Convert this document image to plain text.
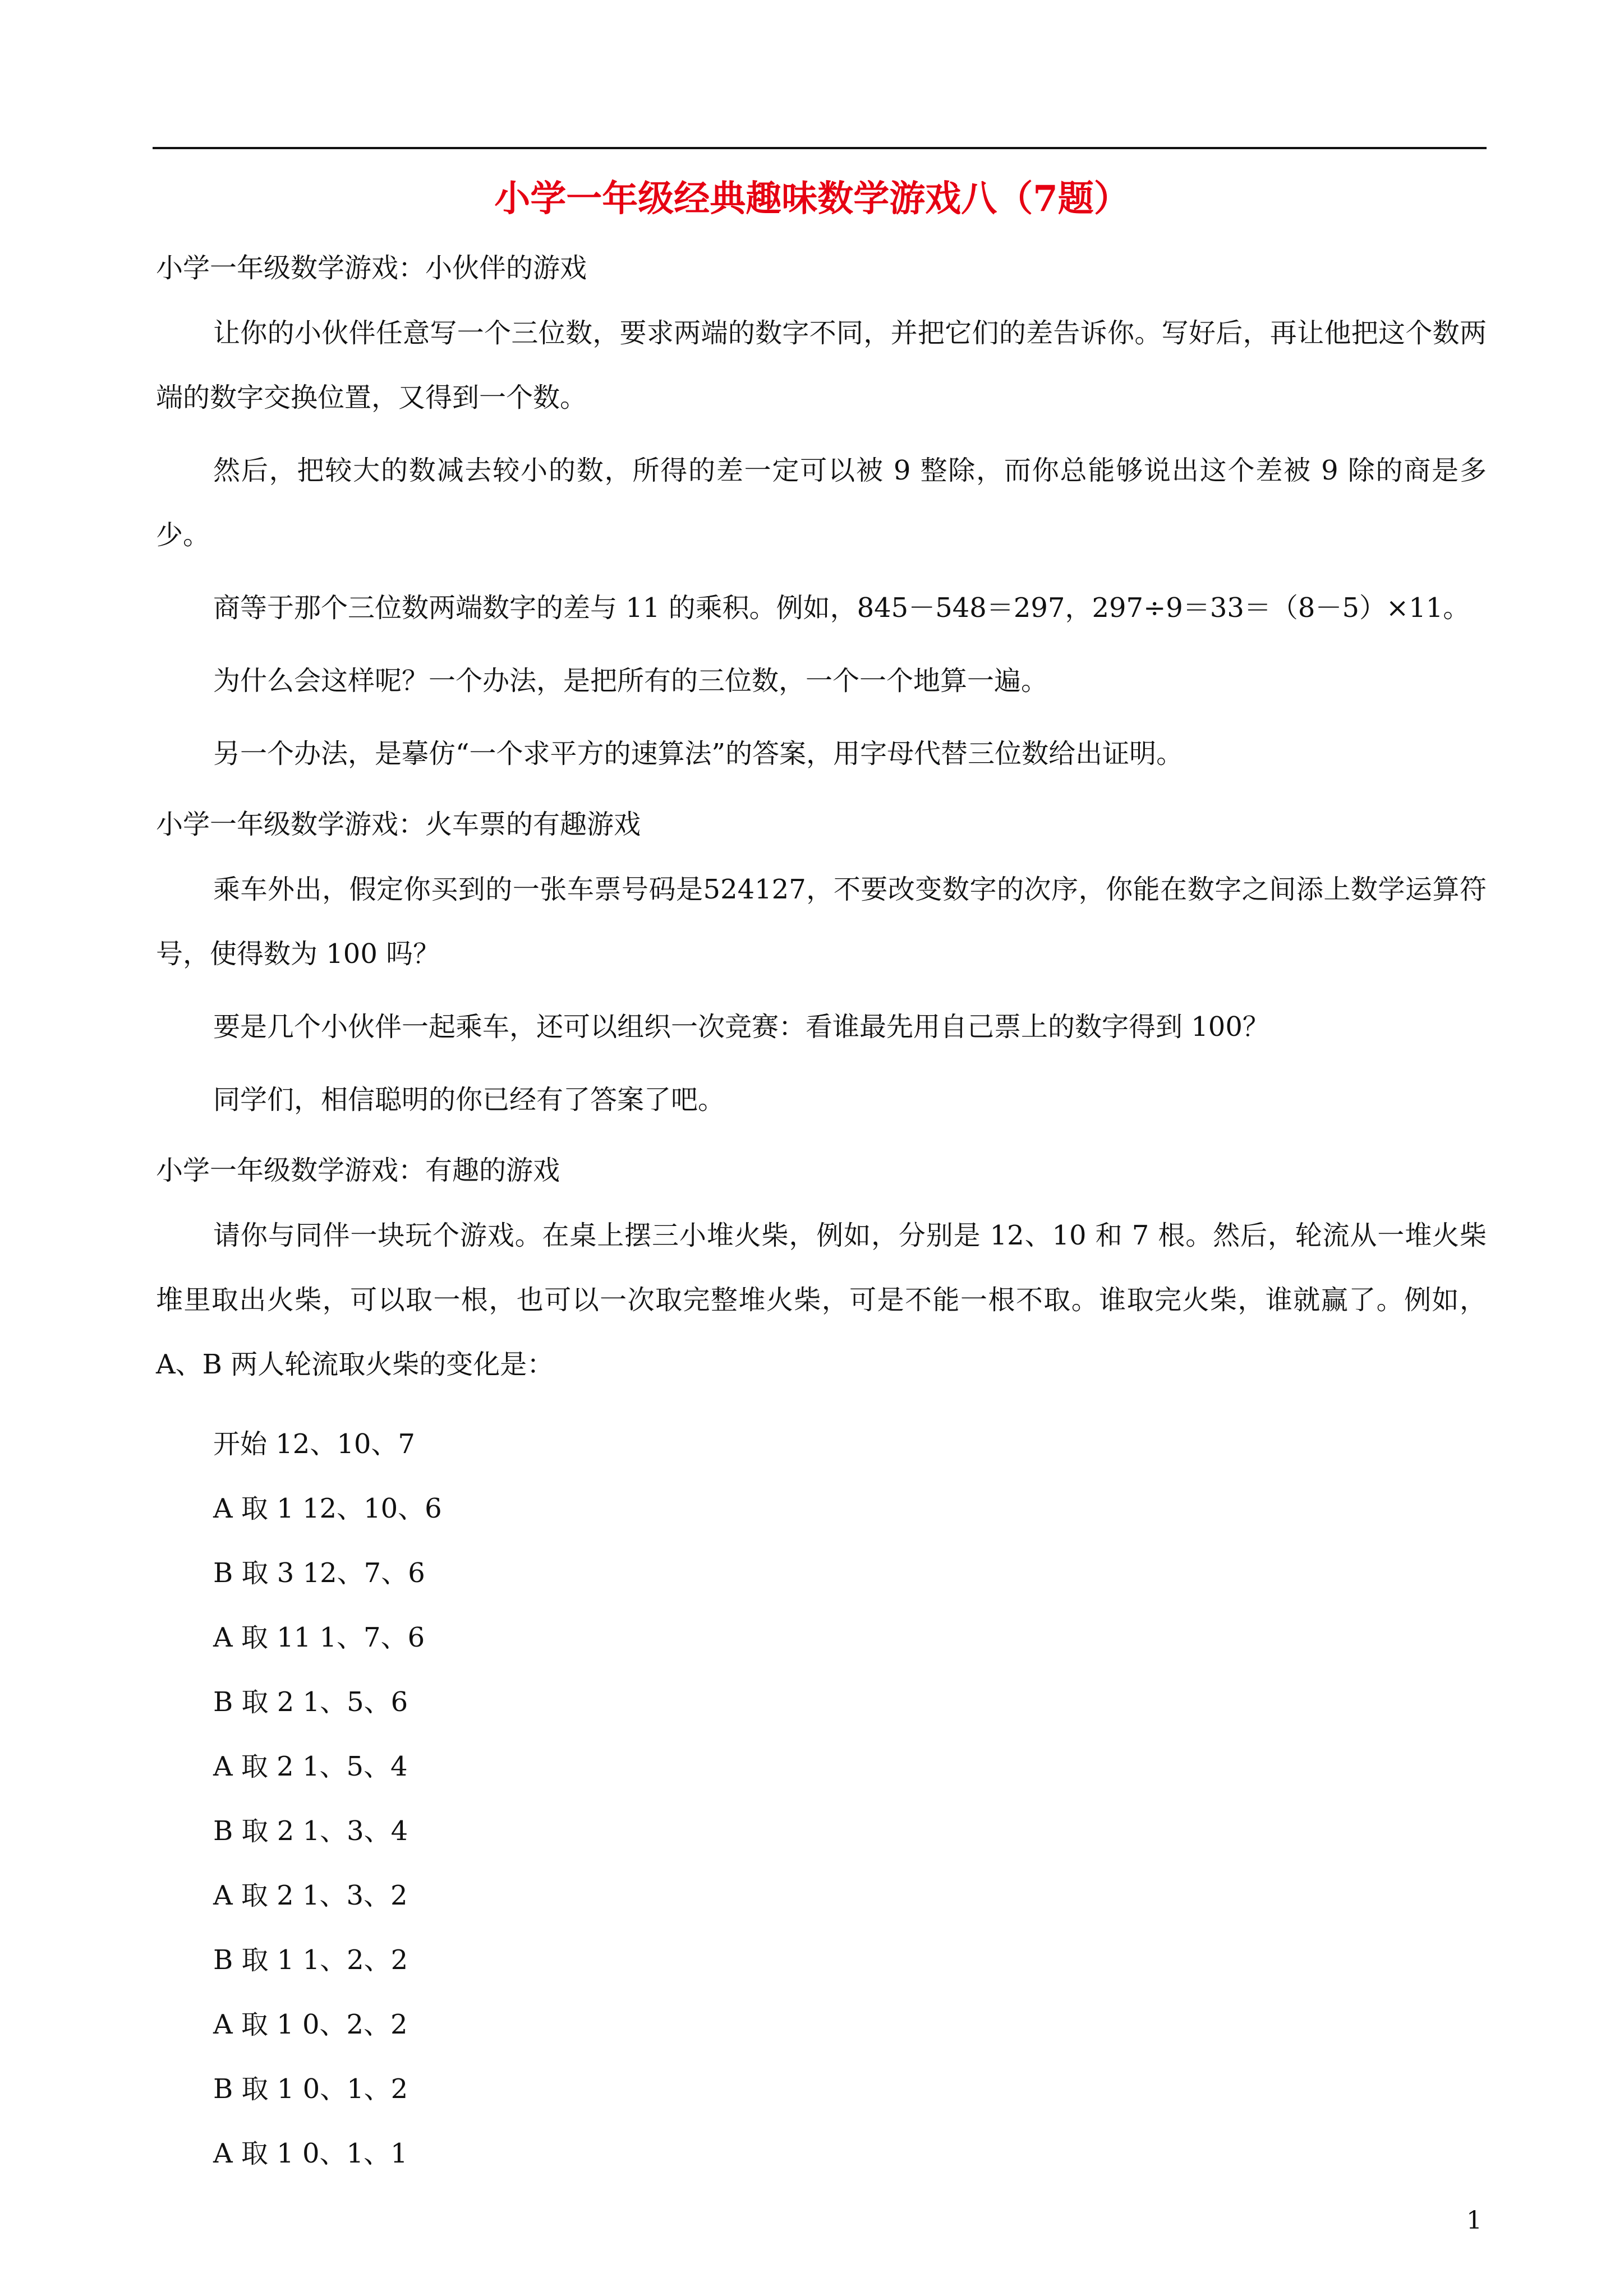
小学一年级经典趣味数学游戏八（7题）
小学一年级数学游戏：小伙伴的游戏
让你的小伙伴任意写一个三位数，要求两端的数字不同，并把它们的差告诉你。写好后，再让他把这个数两端的数字交换位置，又得到一个数。
然后，把较大的数减去较小的数，所得的差一定可以被 9 整除，而你总能够说出这个差被 9 除的商是多少。
商等于那个三位数两端数字的差与 11 的乘积。例如，845－548＝297，297÷9＝33＝（8－5）×11。
为什么会这样呢？一个办法，是把所有的三位数，一个一个地算一遍。
另一个办法，是摹仿“一个求平方的速算法”的答案，用字母代替三位数给出证明。
小学一年级数学游戏：火车票的有趣游戏
乘车外出，假定你买到的一张车票号码是524127，不要改变数字的次序，你能在数字之间添上数学运算符号，使得数为 100 吗？
要是几个小伙伴一起乘车，还可以组织一次竞赛：看谁最先用自己票上的数字得到 100？
同学们，相信聪明的你已经有了答案了吧。
小学一年级数学游戏：有趣的游戏
请你与同伴一块玩个游戏。在桌上摆三小堆火柴，例如，分别是 12、10 和 7 根。然后，轮流从一堆火柴堆里取出火柴，可以取一根，也可以一次取完整堆火柴，可是不能一根不取。谁取完火柴，谁就赢了。例如，A、B 两人轮流取火柴的变化是：
开始 12、10、7
A 取 1 12、10、6
B 取 3 12、7、6
A 取 11 1、7、6
B 取 2 1、5、6
A 取 2 1、5、4
B 取 2 1、3、4
A 取 2 1、3、2
B 取 1 1、2、2
A 取 1 0、2、2
B 取 1 0、1、2
A 取 1 0、1、1
1
